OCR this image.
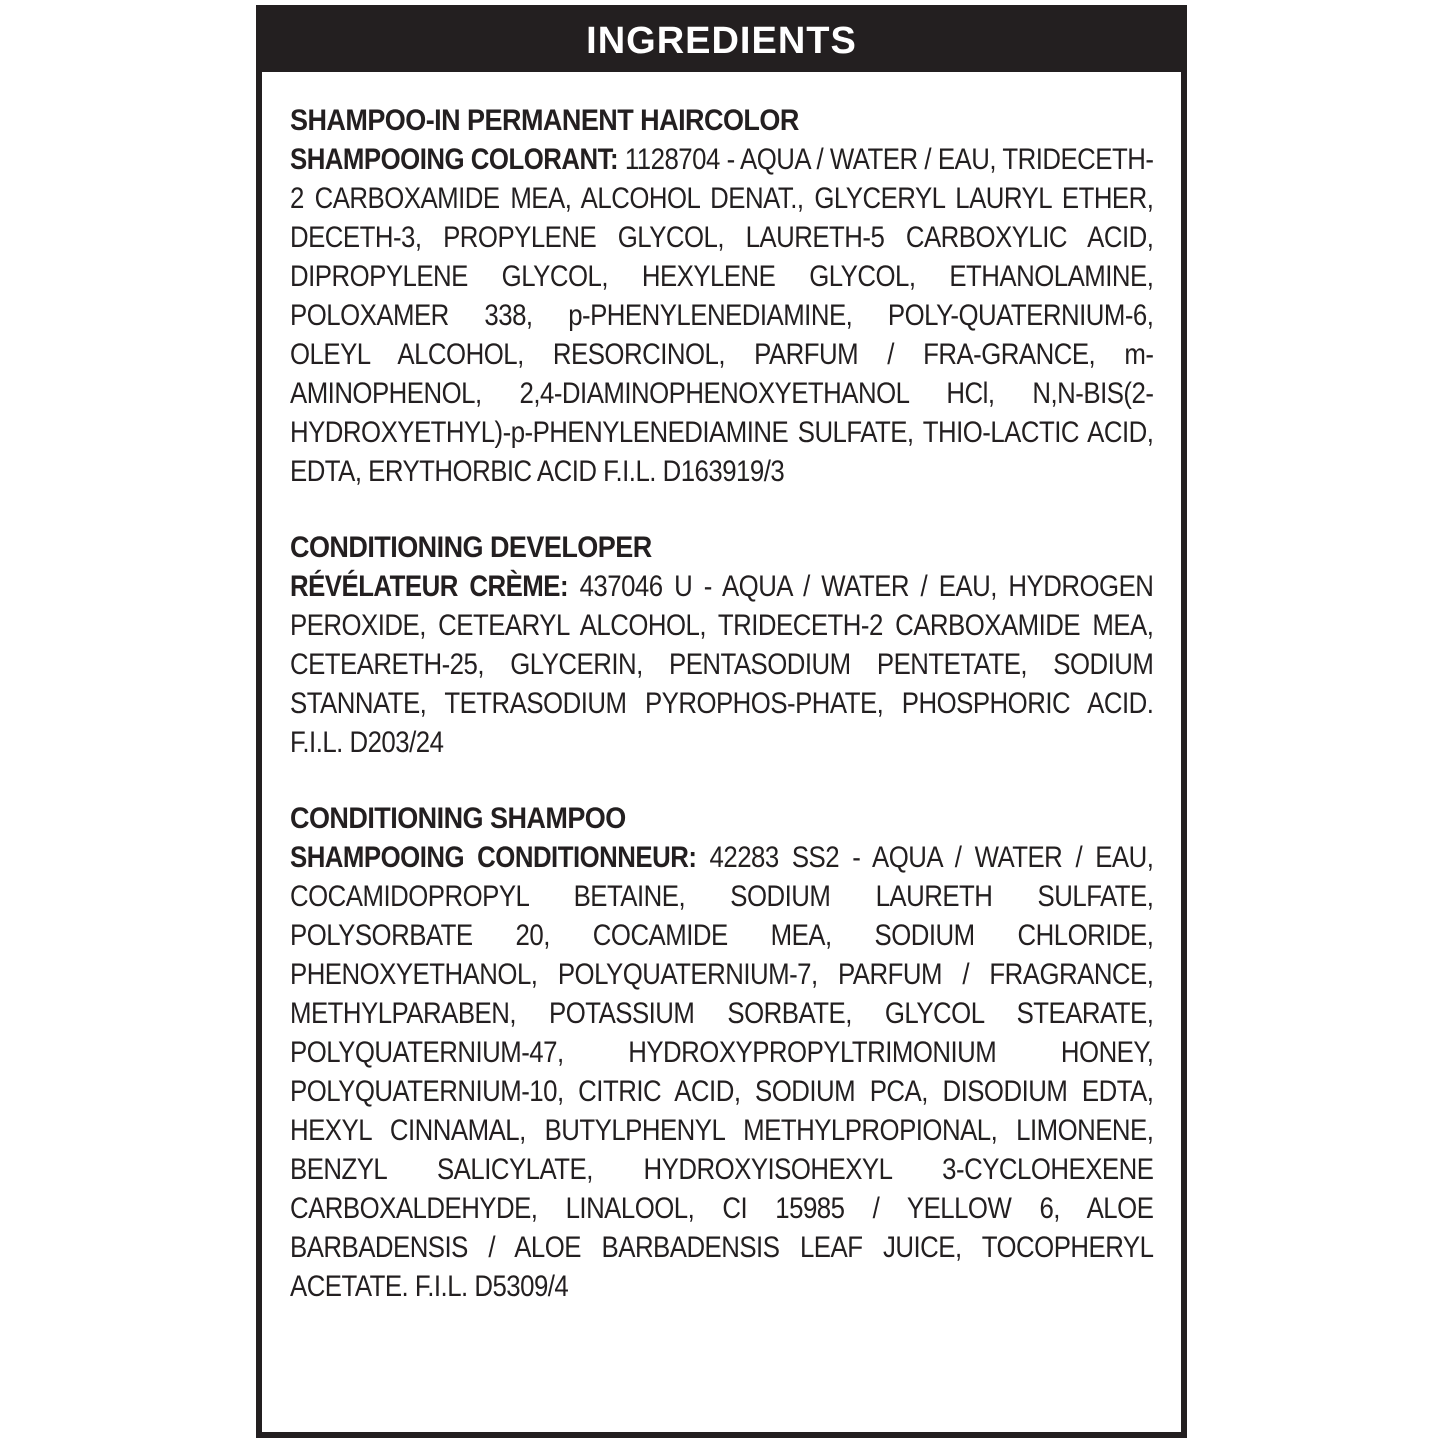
INGREDIENTS
SHAMPOO-IN PERMANENT HAIRCOLOR

SHAMPOOING COLORANT: 1128704 - AQUA / WATER / EAU, TRIDECETH-2 CARBOXAMIDE MEA, ALCOHOL DENAT., GLYCERYL LAURYL ETHER, DECETH-3, PROPYLENE GLYCOL, LAURETH-5 CARBOXYLIC ACID, DIPROPYLENE GLYCOL, HEXYLENE GLYCOL, ETHANOLAMINE, POLOXAMER 338, p-PHENYLENEDIAMINE, POLY-QUATERNIUM-6, OLEYL ALCOHOL, RESORCINOL, PARFUM / FRA-GRANCE, m-AMINOPHENOL, 2,4-DIAMINOPHENOXYETHANOL HCl, N,N-BIS(2-HYDROXYETHYL)-p-PHENYLENEDIAMINE SULFATE, THIO-LACTIC ACID, EDTA, ERYTHORBIC ACID F.I.L. D163919/3

CONDITIONING DEVELOPER

RÉVÉLATEUR CRÈME: 437046 U - AQUA / WATER / EAU, HYDROGEN PEROXIDE, CETEARYL ALCOHOL, TRIDECETH-2 CARBOXAMIDE MEA, CETEARETH-25, GLYCERIN, PENTASODIUM PENTETATE, SODIUM STANNATE, TETRASODIUM PYROPHOS-PHATE, PHOSPHORIC ACID. F.I.L. D203/24

CONDITIONING SHAMPOO

SHAMPOOING CONDITIONNEUR: 42283 SS2 - AQUA / WATER / EAU, COCAMIDOPROPYL BETAINE, SODIUM LAURETH SULFATE, POLYSORBATE 20, COCAMIDE MEA, SODIUM CHLORIDE, PHENOXYETHANOL, POLYQUATERNIUM-7, PARFUM / FRAGRANCE, METHYLPARABEN, POTASSIUM SORBATE, GLYCOL STEARATE, POLYQUATERNIUM-47, HYDROXYPROPYLTRIMONIUM HONEY, POLYQUATERNIUM-10, CITRIC ACID, SODIUM PCA, DISODIUM EDTA, HEXYL CINNAMAL, BUTYLPHENYL METHYLPROPIONAL, LIMONENE, BENZYL SALICYLATE, HYDROXYISOHEXYL 3-CYCLOHEXENE CARBOXALDEHYDE, LINALOOL, CI 15985 / YELLOW 6, ALOE BARBADENSIS / ALOE BARBADENSIS LEAF JUICE, TOCOPHERYL ACETATE. F.I.L. D5309/4
